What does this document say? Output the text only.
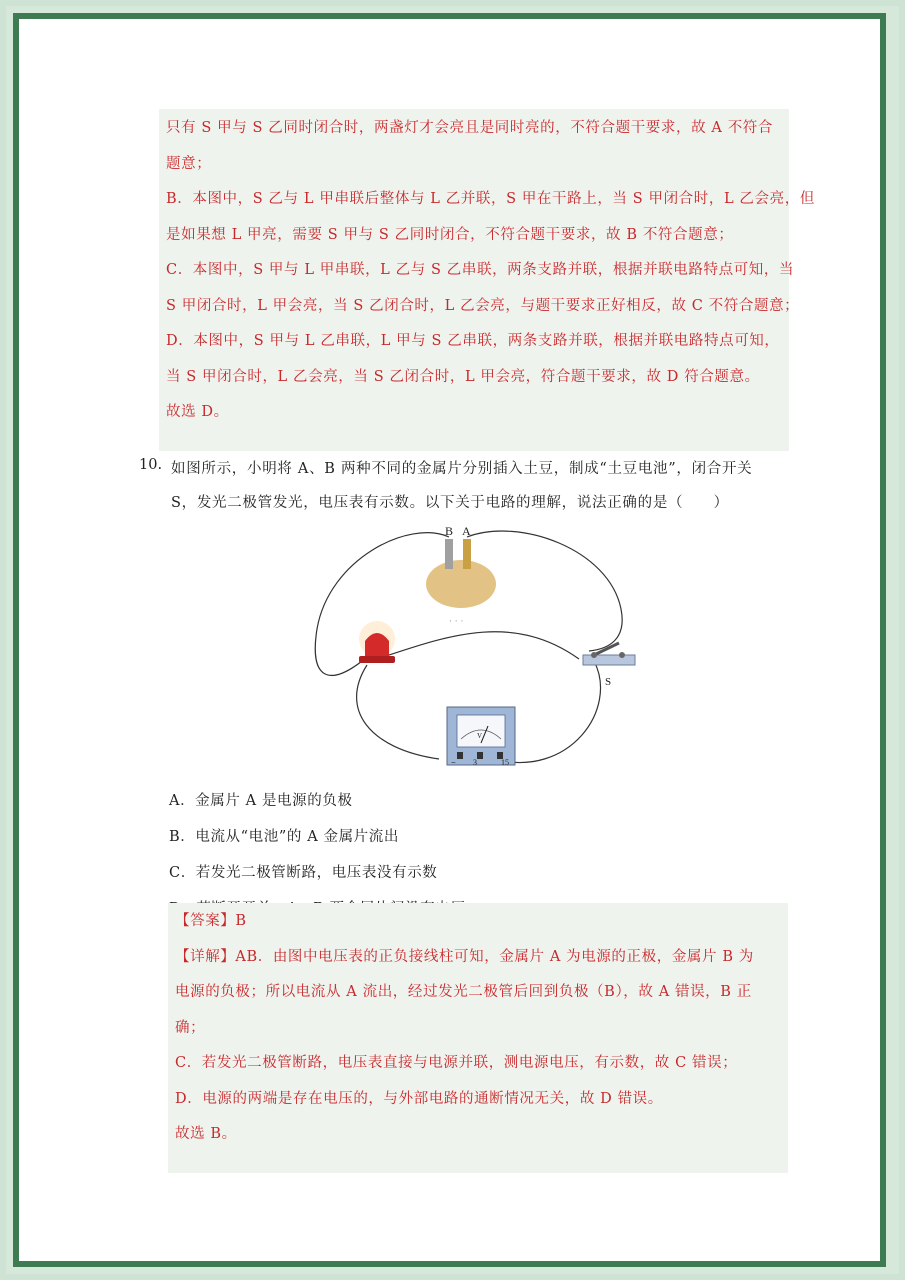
只有 S 甲与 S 乙同时闭合时，两盏灯才会亮且是同时亮的，不符合题干要求，故 A 不符合

题意；

B．本图中，S 乙与 L 甲串联后整体与 L 乙并联，S 甲在干路上，当 S 甲闭合时，L 乙会亮，但

是如果想 L 甲亮，需要 S 甲与 S 乙同时闭合，不符合题干要求，故 B 不符合题意；

C．本图中，S 甲与 L 甲串联，L 乙与 S 乙串联，两条支路并联，根据并联电路特点可知，当

S 甲闭合时，L 甲会亮，当 S 乙闭合时，L 乙会亮，与题干要求正好相反，故 C 不符合题意；

D．本图中，S 甲与 L 乙串联，L 甲与 S 乙串联，两条支路并联，根据并联电路特点可知，

当 S 甲闭合时，L 乙会亮，当 S 乙闭合时，L 甲会亮，符合题干要求，故 D 符合题意。

故选 D。

10. 如图所示，小明将 A、B 两种不同的金属片分别插入土豆，制成“土豆电池”，闭合开关
S，发光二极管发光，电压表有示数。以下关于电路的理解，说法正确的是（　　）
B A
· · ·
S
V
− 3	15
A．金属片 A 是电源的负极
B．电流从“电池”的 A 金属片流出
C．若发光二极管断路，电压表没有示数

【答案】B

【详解】AB．由图中电压表的正负接线柱可知，金属片 A 为电源的正极，金属片 B 为

电源的负极；所以电流从 A 流出，经过发光二极管后回到负极（B），故 A 错误，B 正

确；

C．若发光二极管断路，电压表直接与电源并联，测电源电压，有示数，故 C 错误；

D．电源的两端是存在电压的，与外部电路的通断情况无关，故 D 错误。

故选 B。
